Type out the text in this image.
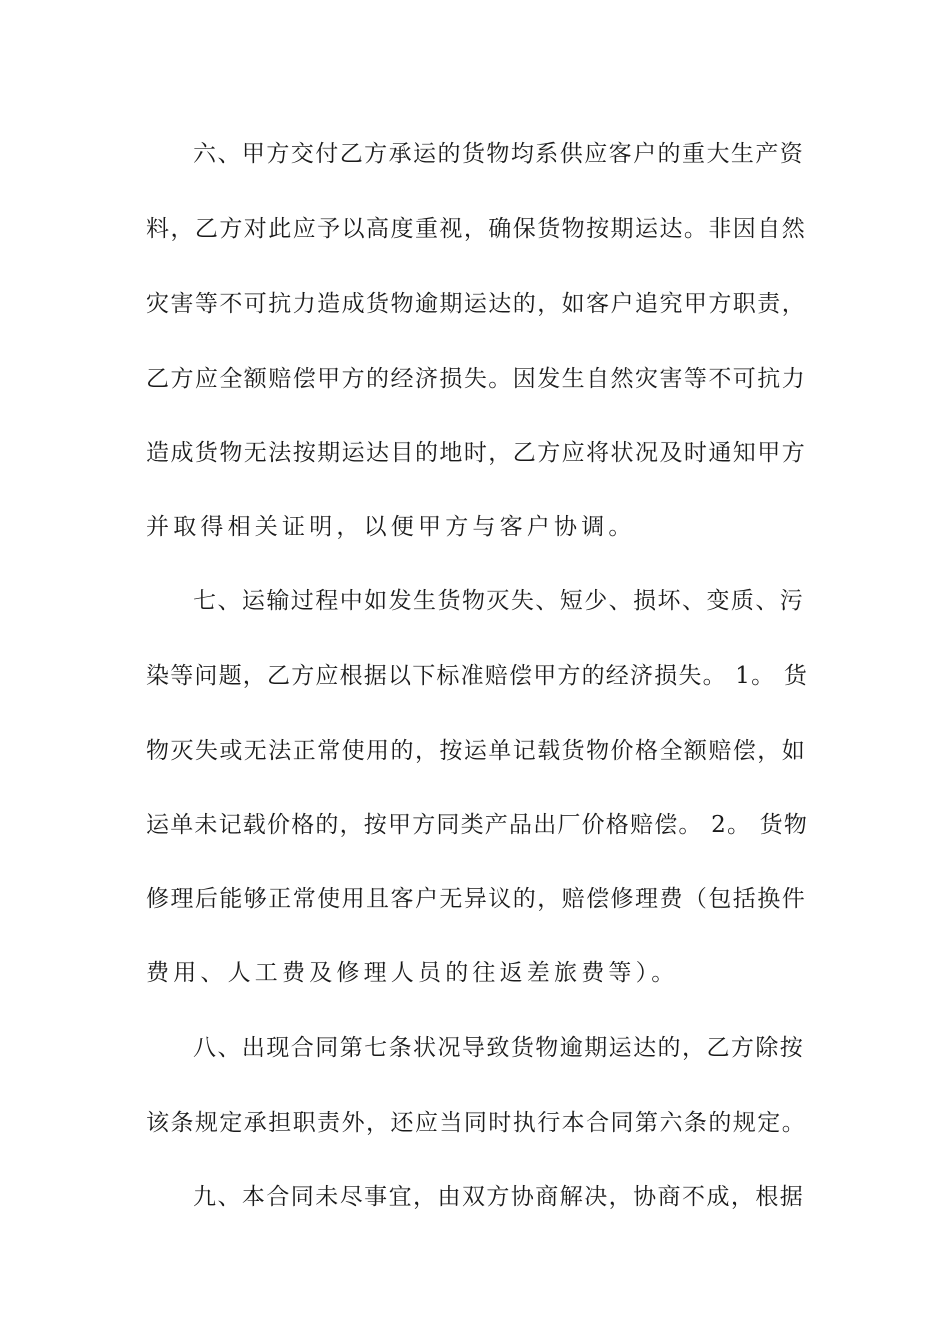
六、甲方交付乙方承运的货物均系供应客户的重大生产资
料，乙方对此应予以高度重视，确保货物按期运达。非因自然
灾害等不可抗力造成货物逾期运达的，如客户追究甲方职责，
乙方应全额赔偿甲方的经济损失。因发生自然灾害等不可抗力
造成货物无法按期运达目的地时，乙方应将状况及时通知甲方
并取得相关证明，以便甲方与客户协调。
七、运输过程中如发生货物灭失、短少、损坏、变质、污
染等问题，乙方应根据以下标准赔偿甲方的经济损失。 1。 货
物灭失或无法正常使用的，按运单记载货物价格全额赔偿，如
运单未记载价格的，按甲方同类产品出厂价格赔偿。 2。 货物
修理后能够正常使用且客户无异议的，赔偿修理费（包括换件
费用、人工费及修理人员的往返差旅费等）。
八、出现合同第七条状况导致货物逾期运达的，乙方除按
该条规定承担职责外，还应当同时执行本合同第六条的规定。
九、本合同未尽事宜，由双方协商解决，协商不成，根据
